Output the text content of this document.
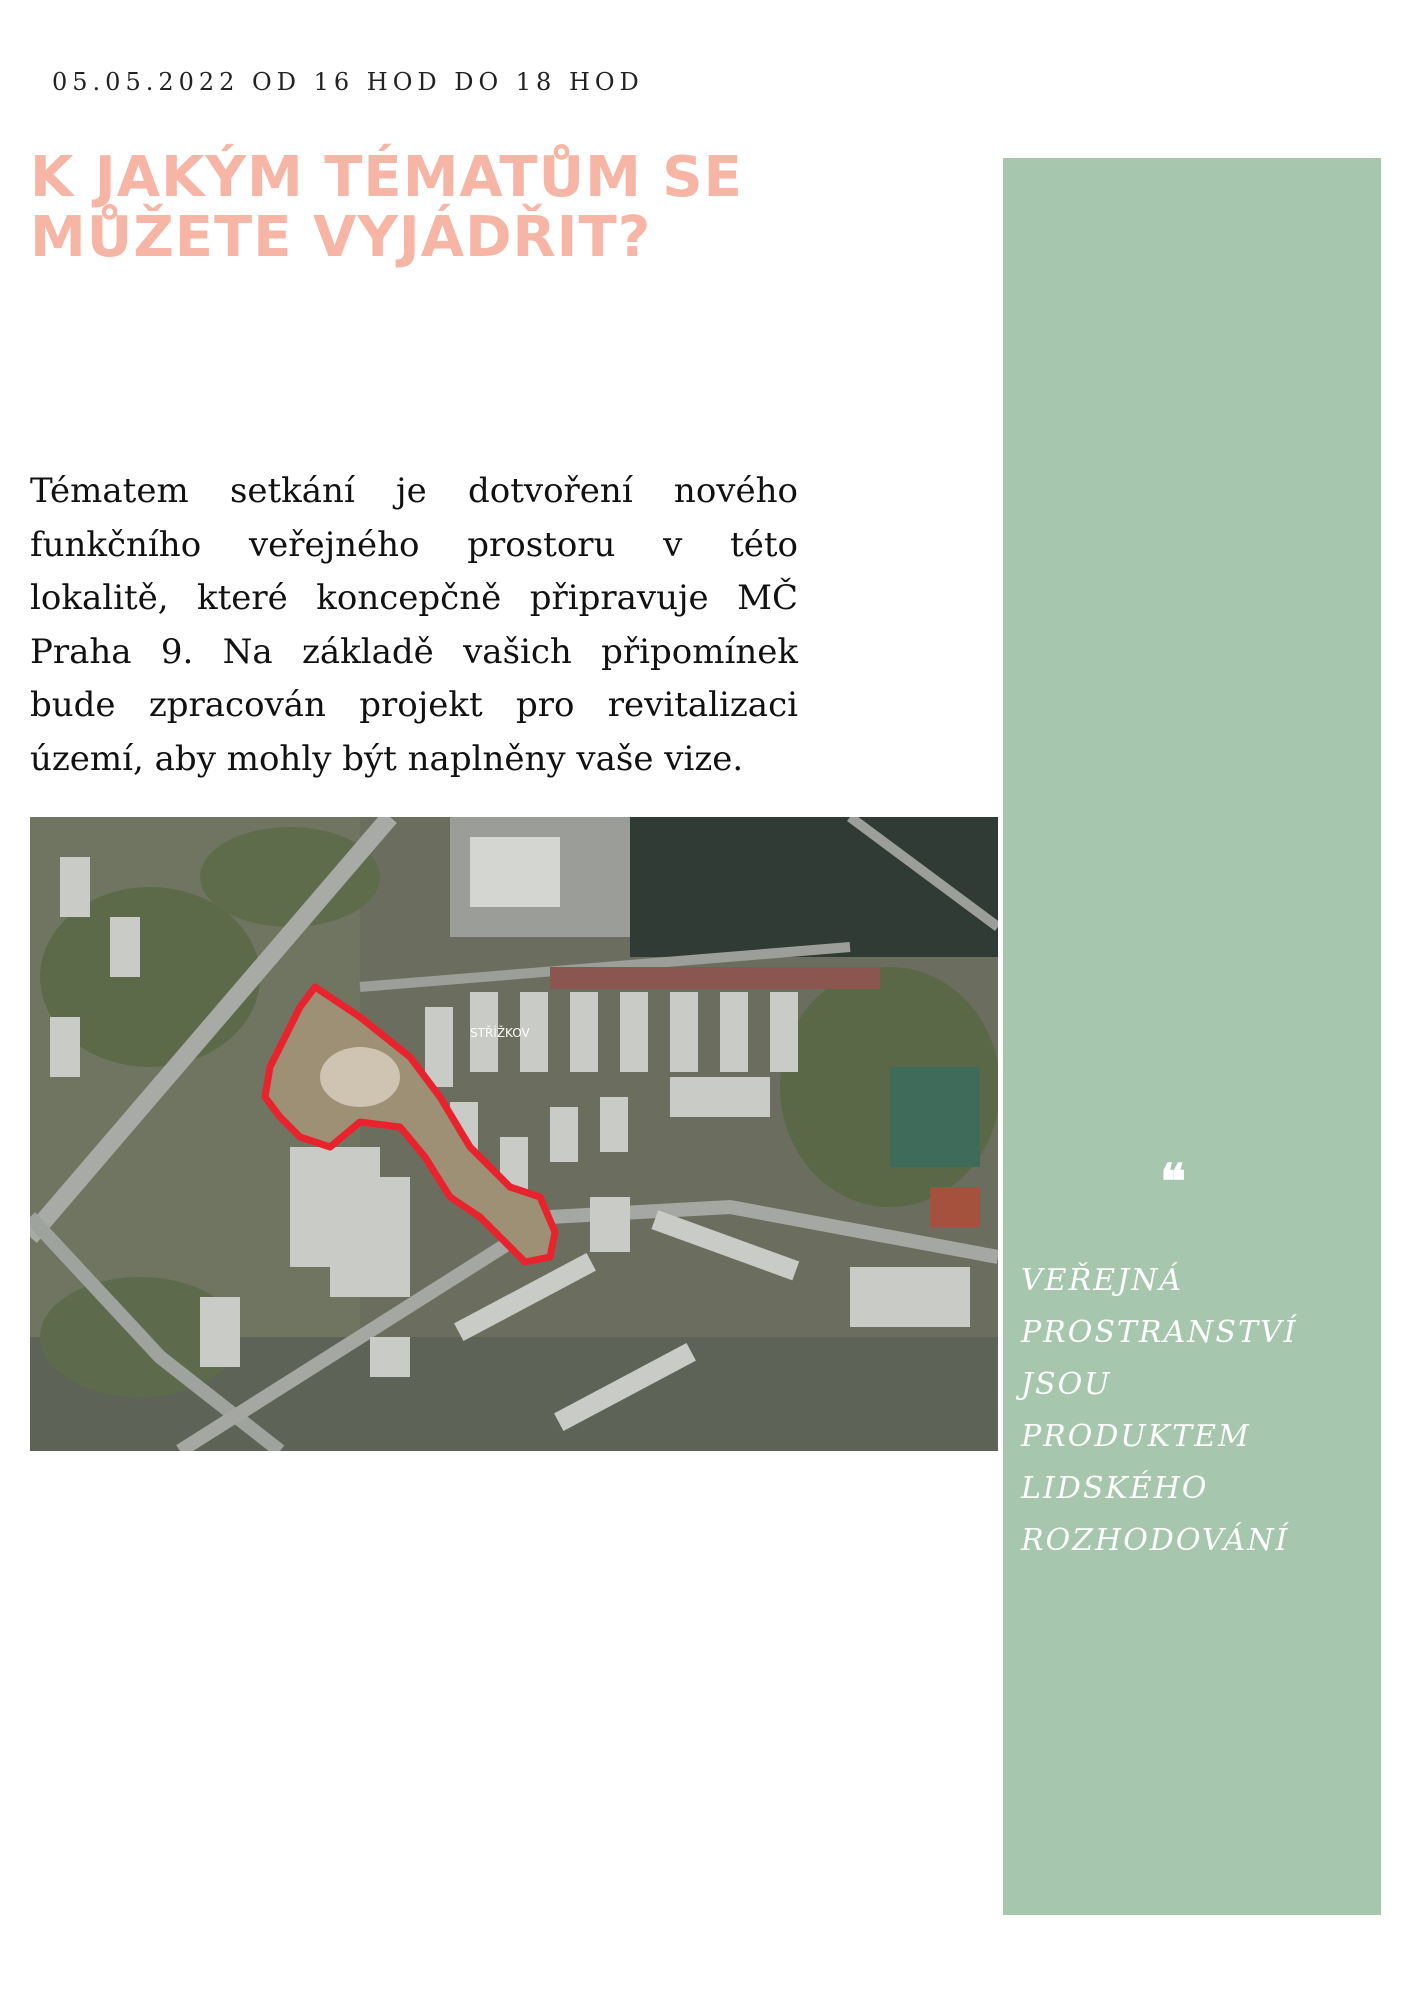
05.05.2022 OD 16 HOD DO 18 HOD
K JAKÝM TÉMATŮM SE MŮŽETE VYJÁDŘIT?

Tématem setkání je dotvoření nového funkčního veřejného prostoru v této lokalitě, které koncepčně připravuje MČ Praha 9. Na základě vašich připomínek bude zpracován projekt pro revitalizaci území, aby mohly být naplněny vaše vize.

STŘÍŽKOV
❝

VEŘEJNÁ
PROSTRANSTVÍ
JSOU
PRODUKTEM
LIDSKÉHO
ROZHODOVÁNÍ
